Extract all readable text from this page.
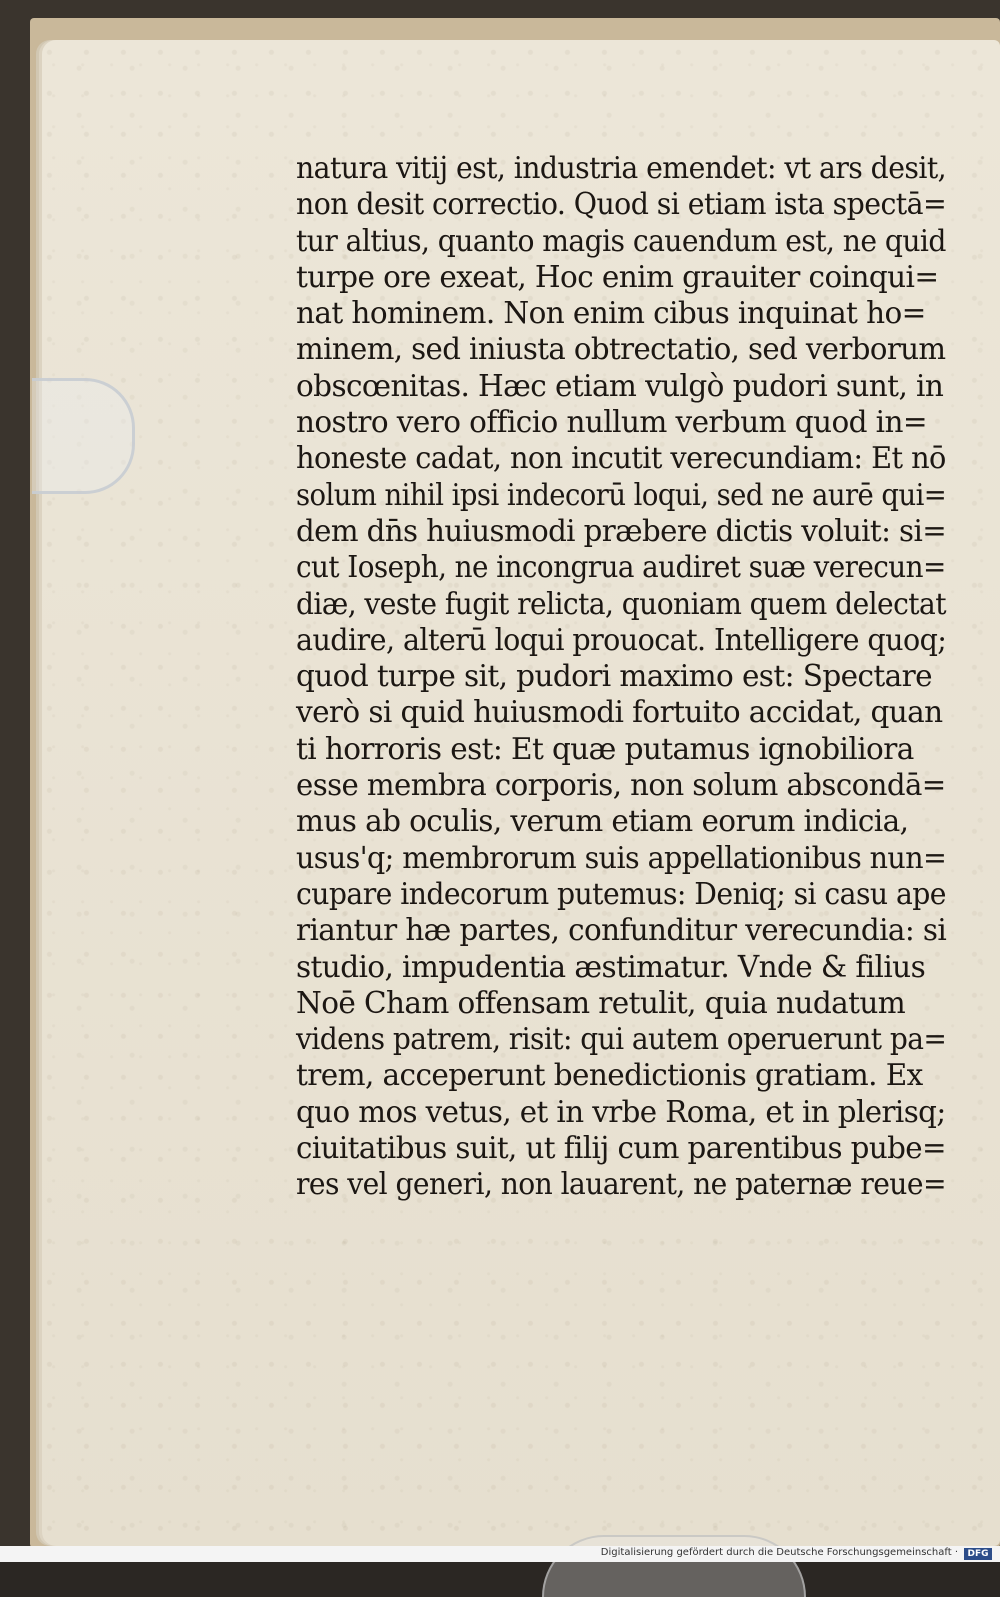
natura vitij est, industria emendet: vt ars desit,
non desit correctio. Quod si etiam ista spectā=
tur altius, quanto magis cauendum est, ne quid
turpe ore exeat, Hoc enim grauiter coinqui=
nat hominem. Non enim cibus inquinat ho=
minem, sed iniusta obtrectatio, sed verborum
obscœnitas. Hæc etiam vulgò pudori sunt, in
nostro vero officio nullum verbum quod in=
honeste cadat, non incutit verecundiam: Et nō
solum nihil ipsi indecorū loqui, sed ne aurē qui=
dem dn̄s huiusmodi præbere dictis voluit: si=
cut Ioseph, ne incongrua audiret suæ verecun=
diæ, veste fugit relicta, quoniam quem delectat
audire, alterū loqui prouocat. Intelligere quoq;
quod turpe sit, pudori maximo est: Spectare
verò si quid huiusmodi fortuito accidat, quan
ti horroris est: Et quæ putamus ignobiliora
esse membra corporis, non solum abscondā=
mus ab oculis, verum etiam eorum indicia,
usus'q; membrorum suis appellationibus nun=
cupare indecorum putemus: Deniq; si casu ape
riantur hæ partes, confunditur verecundia: si
studio, impudentia æstimatur. Vnde & filius
Noē Cham offensam retulit, quia nudatum
videns patrem, risit: qui autem operuerunt pa=
trem, acceperunt benedictionis gratiam. Ex
quo mos vetus, et in vrbe Roma, et in plerisq;
ciuitatibus suit, ut filij cum parentibus pube=
res vel generi, non lauarent, ne paternæ reue=
Digitalisierung gefördert durch die Deutsche Forschungsgemeinschaft ·	DFG
